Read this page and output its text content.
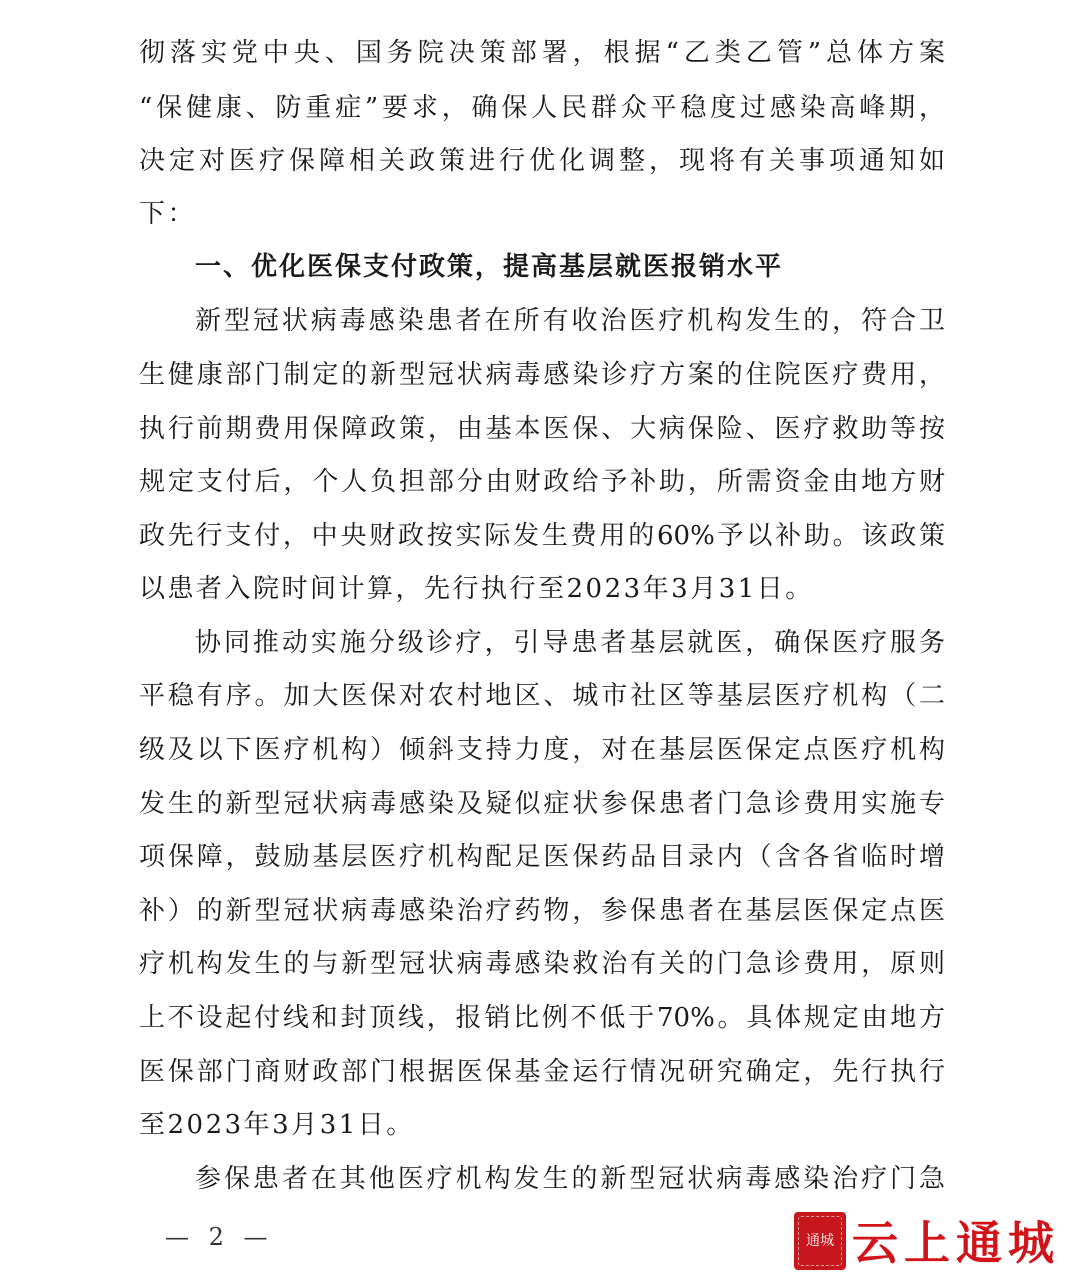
彻落实党中央、国务院决策部署，根据“乙类乙管”总体方案
“保健康、防重症”要求，确保人民群众平稳度过感染高峰期，
决定对医疗保障相关政策进行优化调整，现将有关事项通知如
下：
一、优化医保支付政策，提高基层就医报销水平
新型冠状病毒感染患者在所有收治医疗机构发生的，符合卫
生健康部门制定的新型冠状病毒感染诊疗方案的住院医疗费用，
执行前期费用保障政策，由基本医保、大病保险、医疗救助等按
规定支付后，个人负担部分由财政给予补助，所需资金由地方财
政先行支付，中央财政按实际发生费用的60%予以补助。该政策
以患者入院时间计算，先行执行至2023年3月31日。
协同推动实施分级诊疗，引导患者基层就医，确保医疗服务
平稳有序。加大医保对农村地区、城市社区等基层医疗机构（二
级及以下医疗机构）倾斜支持力度，对在基层医保定点医疗机构
发生的新型冠状病毒感染及疑似症状参保患者门急诊费用实施专
项保障，鼓励基层医疗机构配足医保药品目录内（含各省临时增
补）的新型冠状病毒感染治疗药物，参保患者在基层医保定点医
疗机构发生的与新型冠状病毒感染救治有关的门急诊费用，原则
上不设起付线和封顶线，报销比例不低于70%。具体规定由地方
医保部门商财政部门根据医保基金运行情况研究确定，先行执行
至2023年3月31日。
参保患者在其他医疗机构发生的新型冠状病毒感染治疗门急
— 2 —	通城 云上通城
